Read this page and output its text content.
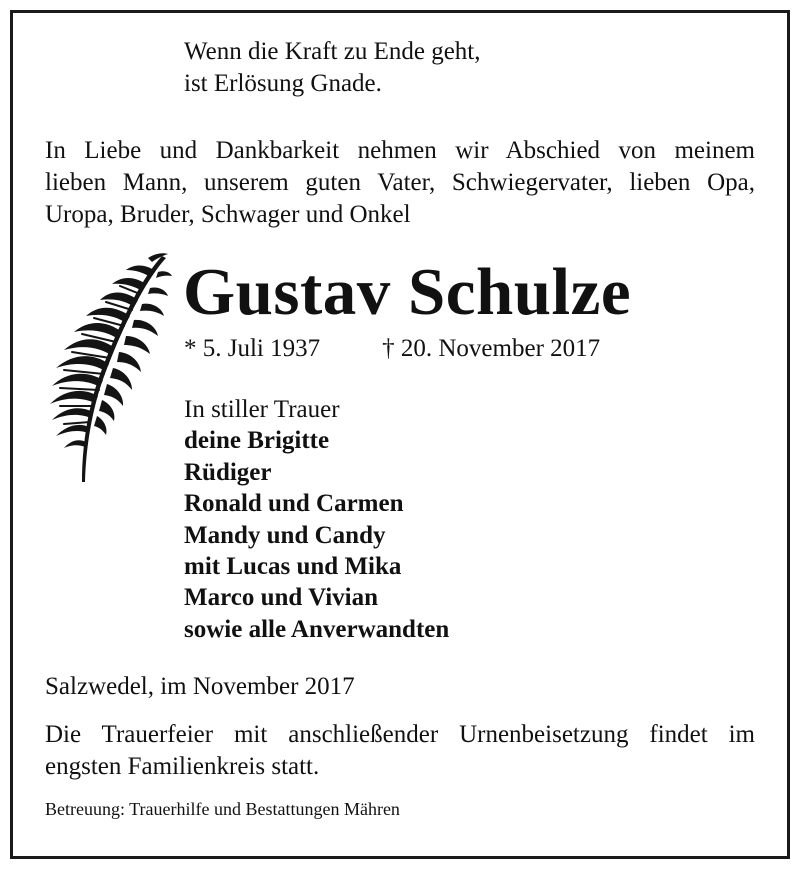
Wenn die Kraft zu Ende geht,
ist Erlösung Gnade.
In Liebe und Dankbarkeit nehmen wir Abschied von meinem
lieben Mann, unserem guten Vater, Schwiegervater, lieben Opa,
Uropa, Bruder, Schwager und Onkel
Gustav Schulze
* 5. Juli 1937 † 20. November 2017
In stiller Trauer
deine Brigitte
Rüdiger
Ronald und Carmen
Mandy und Candy
mit Lucas und Mika
Marco und Vivian
sowie alle Anverwandten
Salzwedel, im November 2017
Die Trauerfeier mit anschließender Urnenbeisetzung findet im
engsten Familienkreis statt.
Betreuung: Trauerhilfe und Bestattungen Mähren
